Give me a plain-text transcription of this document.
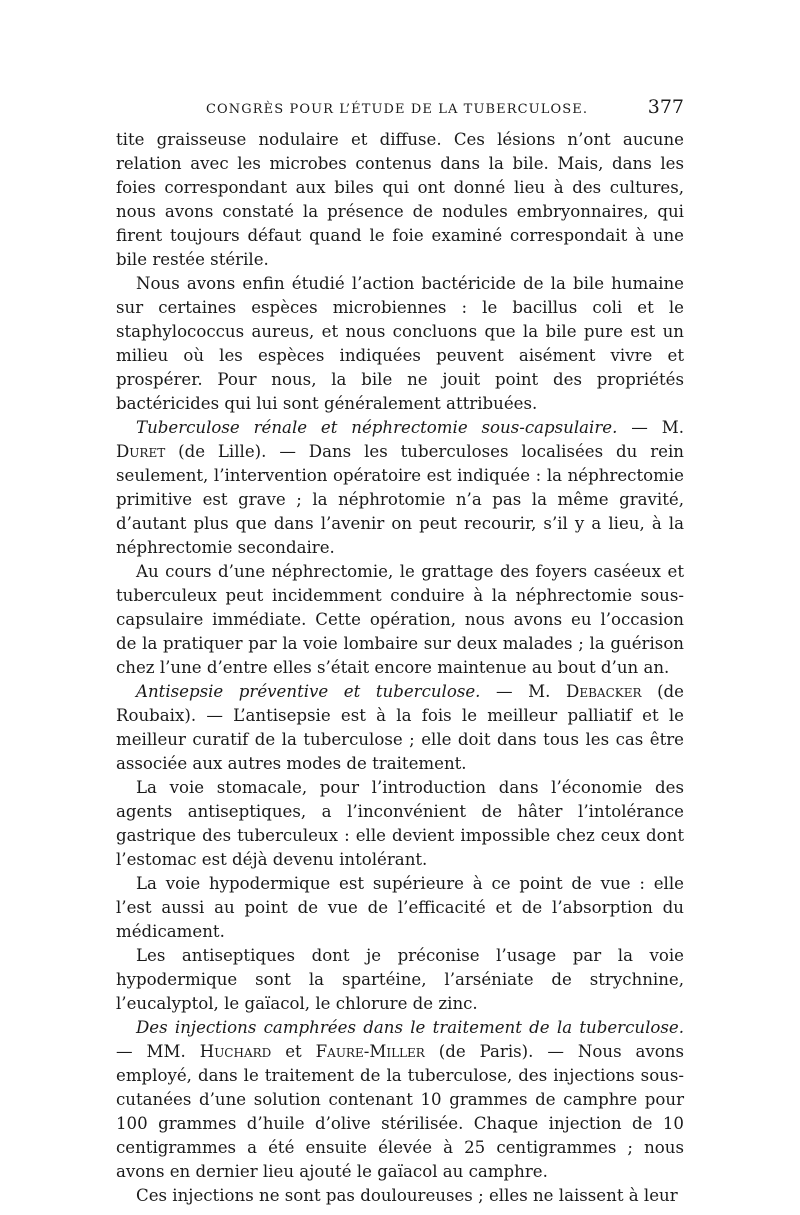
CONGRÈS POUR L’ÉTUDE DE LA TUBERCULOSE.	377

tite graisseuse nodulaire et diffuse. Ces lésions n’ont aucune relation avec les microbes contenus dans la bile. Mais, dans les foies correspondant aux biles qui ont donné lieu à des cultures, nous avons constaté la présence de nodules embryonnaires, qui firent toujours défaut quand le foie examiné correspondait à une bile restée stérile.

Nous avons enfin étudié l’action bactéricide de la bile humaine sur certaines espèces microbiennes : le bacillus coli et le staphylococcus aureus, et nous concluons que la bile pure est un milieu où les espèces indiquées peuvent aisément vivre et prospérer. Pour nous, la bile ne jouit point des propriétés bactéricides qui lui sont généralement attribuées.

Tuberculose rénale et néphrectomie sous-capsulaire. — M. Duret (de Lille). — Dans les tuberculoses localisées du rein seulement, l’intervention opératoire est indiquée : la néphrectomie primitive est grave ; la néphrotomie n’a pas la même gravité, d’autant plus que dans l’avenir on peut recourir, s’il y a lieu, à la néphrectomie secondaire.

Au cours d’une néphrectomie, le grattage des foyers caséeux et tuberculeux peut incidemment conduire à la néphrectomie sous-capsulaire immédiate. Cette opération, nous avons eu l’occasion de la pratiquer par la voie lombaire sur deux malades ; la guérison chez l’une d’entre elles s’était encore maintenue au bout d’un an.

Antisepsie préventive et tuberculose. — M. Debacker (de Roubaix). — L’antisepsie est à la fois le meilleur palliatif et le meilleur curatif de la tuberculose ; elle doit dans tous les cas être associée aux autres modes de traitement.

La voie stomacale, pour l’introduction dans l’économie des agents antiseptiques, a l’inconvénient de hâter l’intolérance gastrique des tuberculeux : elle devient impossible chez ceux dont l’estomac est déjà devenu intolérant.

La voie hypodermique est supérieure à ce point de vue : elle l’est aussi au point de vue de l’efficacité et de l’absorption du médicament.

Les antiseptiques dont je préconise l’usage par la voie hypodermique sont la spartéine, l’arséniate de strychnine, l’eucalyptol, le gaïacol, le chlorure de zinc.

Des injections camphrées dans le traitement de la tuberculose. — MM. Huchard et Faure-Miller (de Paris). — Nous avons employé, dans le traitement de la tuberculose, des injections sous-cutanées d’une solution contenant 10 grammes de camphre pour 100 grammes d’huile d’olive stérilisée. Chaque injection de 10 centigrammes a été ensuite élevée à 25 centigrammes ; nous avons en dernier lieu ajouté le gaïacol au camphre.

Ces injections ne sont pas douloureuses ; elles ne laissent à leur
